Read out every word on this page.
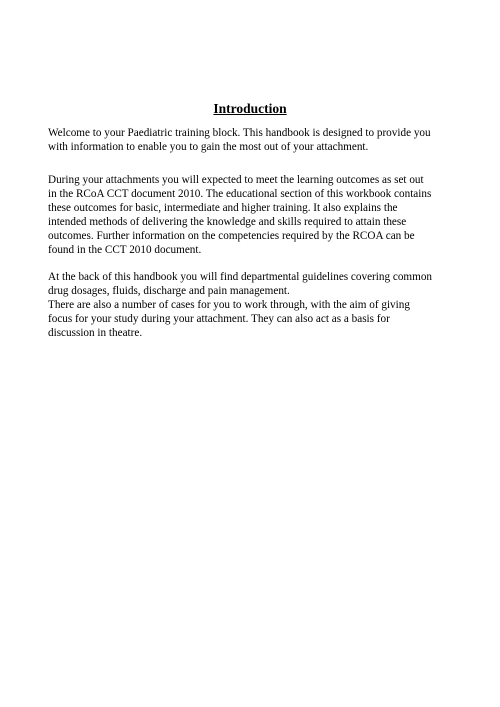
Introduction

Welcome to your Paediatric training block. This handbook is designed to provide you
with information to enable you to gain the most out of your attachment.

During your attachments you will expected to meet the learning outcomes as set out
in the RCoA CCT document 2010. The educational section of this workbook contains
these outcomes for basic, intermediate and higher training. It also explains the
intended methods of delivering the knowledge and skills required to attain these
outcomes. Further information on the competencies required by the RCOA can be
found in the CCT 2010 document.

At the back of this handbook you will find departmental guidelines covering common
drug dosages, fluids, discharge and pain management.
There are also a number of cases for you to work through, with the aim of giving
focus for your study during your attachment. They can also act as a basis for
discussion in theatre.
